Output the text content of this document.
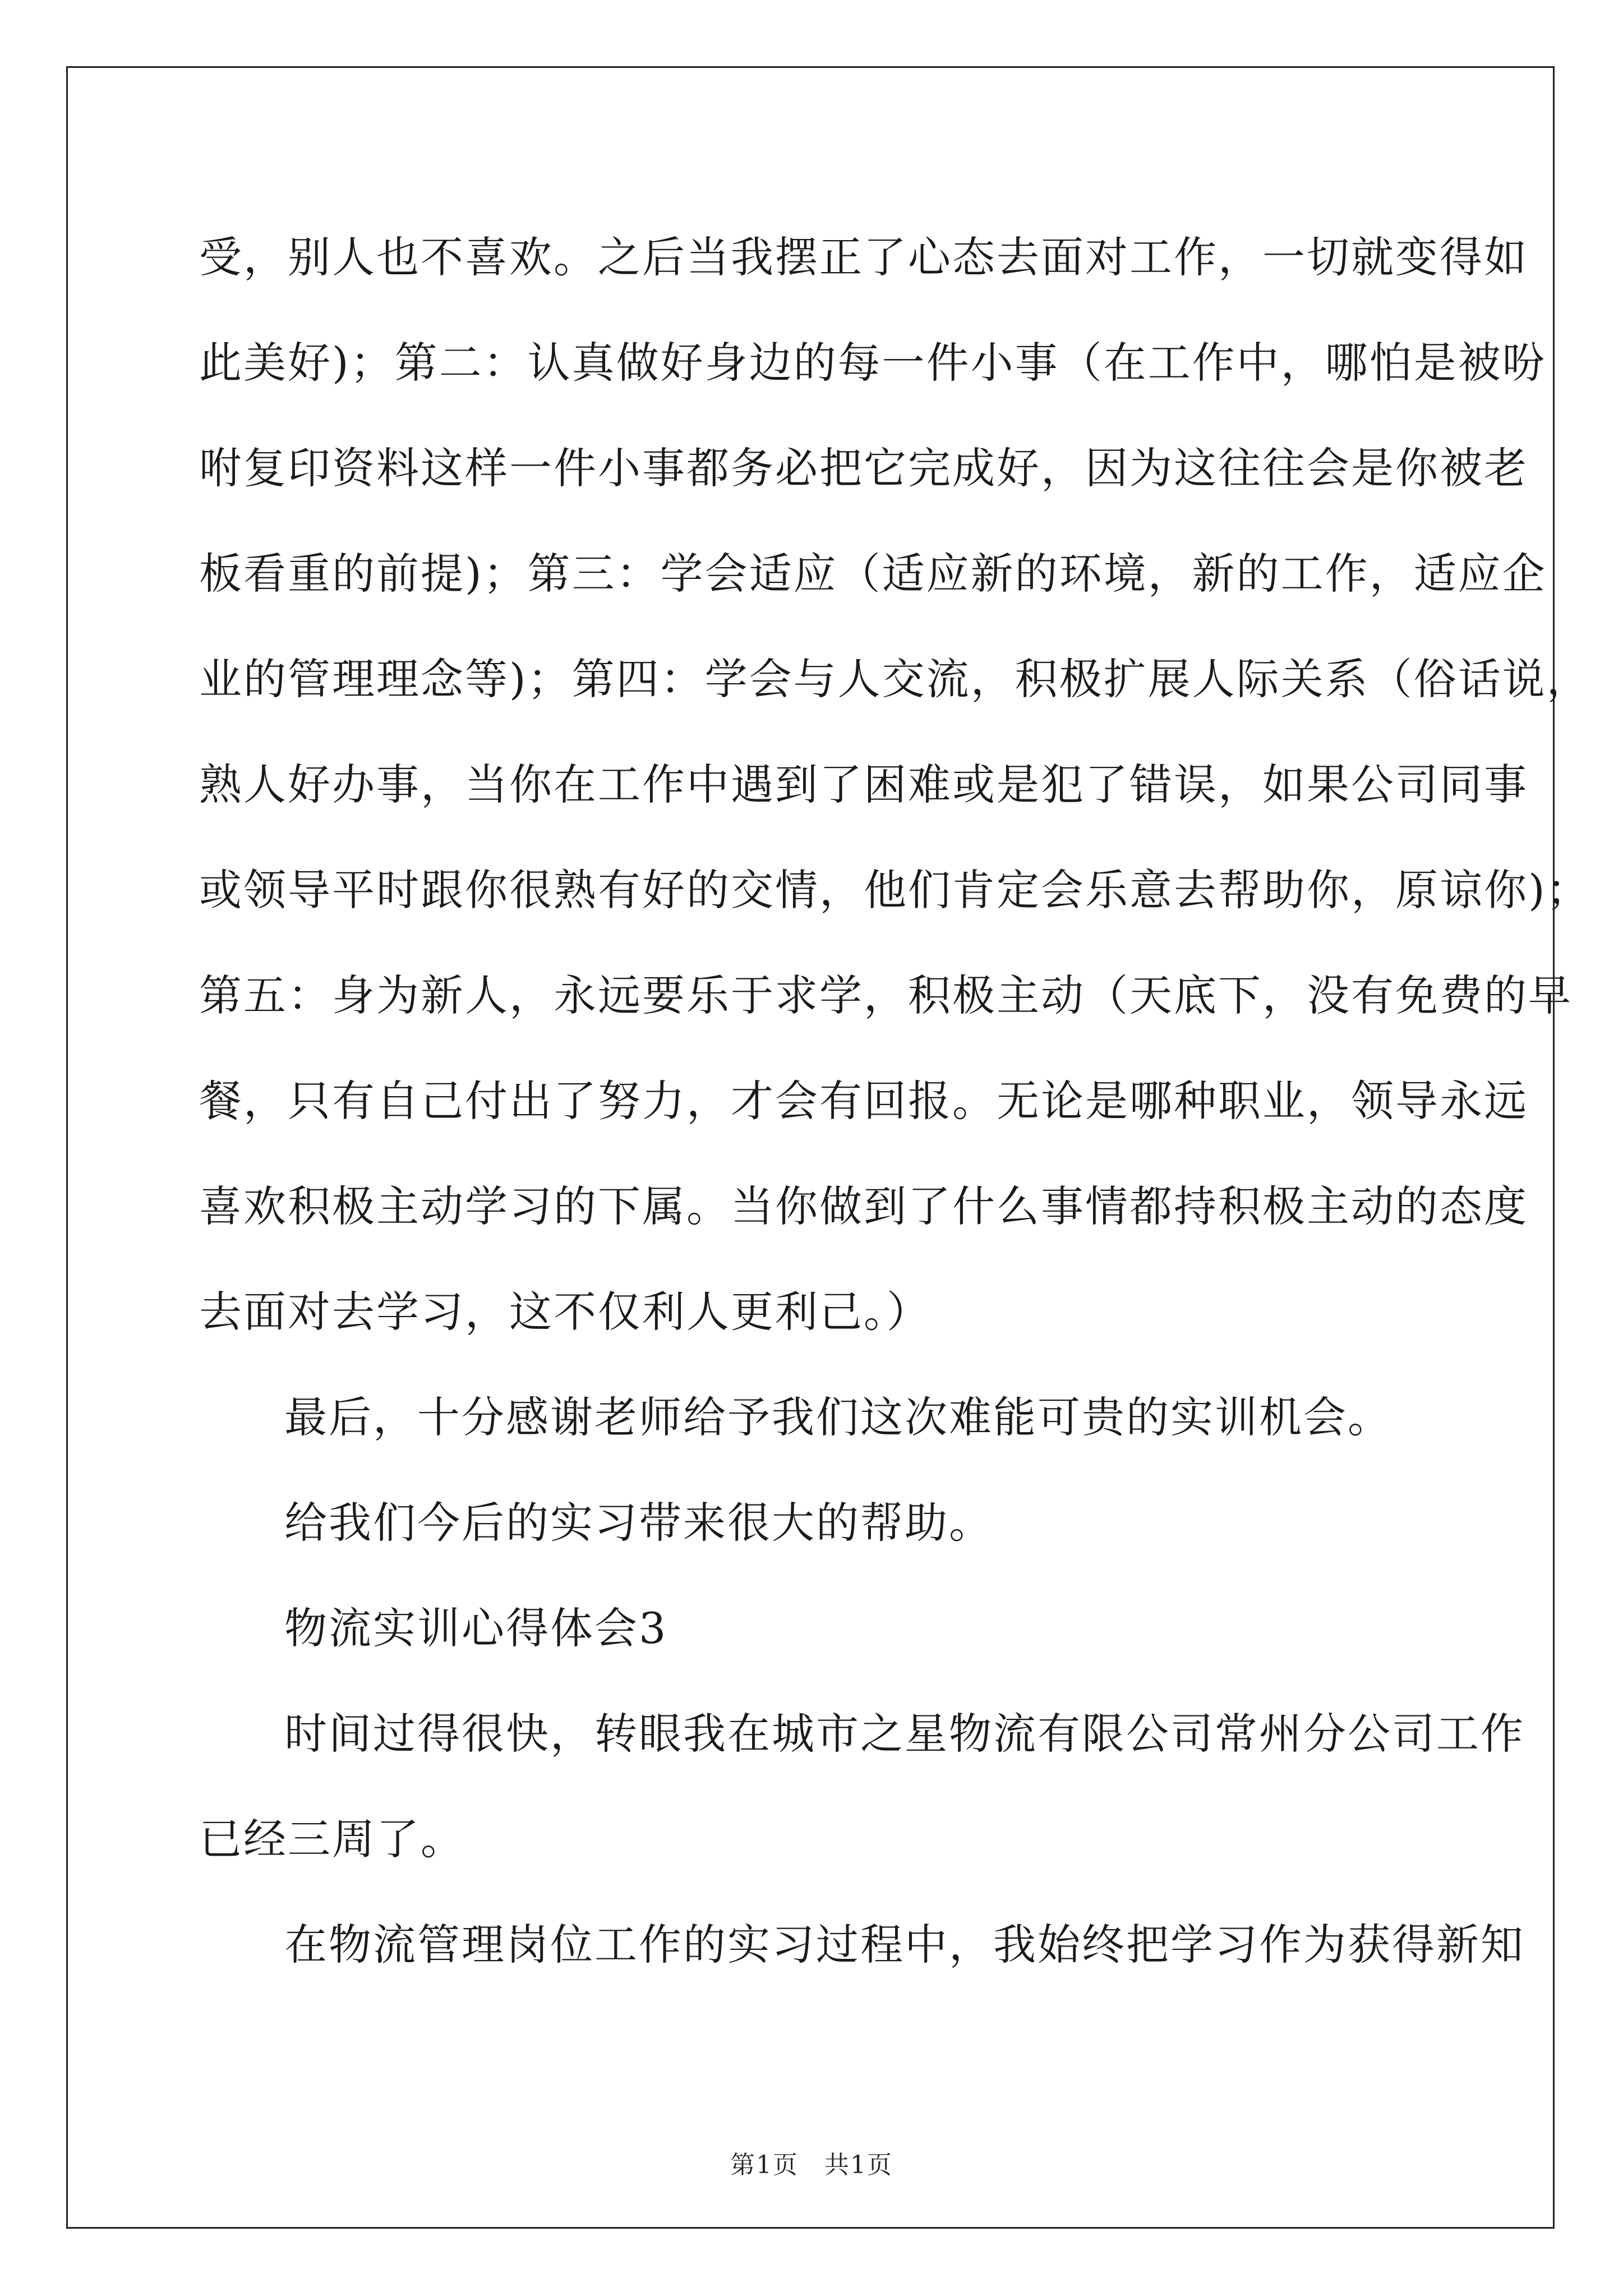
受，别人也不喜欢。之后当我摆正了心态去面对工作，一切就变得如
此美好)；第二：认真做好身边的每一件小事（在工作中，哪怕是被吩
咐复印资料这样一件小事都务必把它完成好，因为这往往会是你被老
板看重的前提)；第三：学会适应（适应新的环境，新的工作，适应企
业的管理理念等)；第四：学会与人交流，积极扩展人际关系（俗话说，
熟人好办事，当你在工作中遇到了困难或是犯了错误，如果公司同事
或领导平时跟你很熟有好的交情，他们肯定会乐意去帮助你，原谅你)；
第五：身为新人，永远要乐于求学，积极主动（天底下，没有免费的早
餐，只有自己付出了努力，才会有回报。无论是哪种职业，领导永远
喜欢积极主动学习的下属。当你做到了什么事情都持积极主动的态度
去面对去学习，这不仅利人更利己。）
最后，十分感谢老师给予我们这次难能可贵的实训机会。
给我们今后的实习带来很大的帮助。
物流实训心得体会3
时间过得很快，转眼我在城市之星物流有限公司常州分公司工作
已经三周了。
在物流管理岗位工作的实习过程中，我始终把学习作为获得新知
第1页　共1页
